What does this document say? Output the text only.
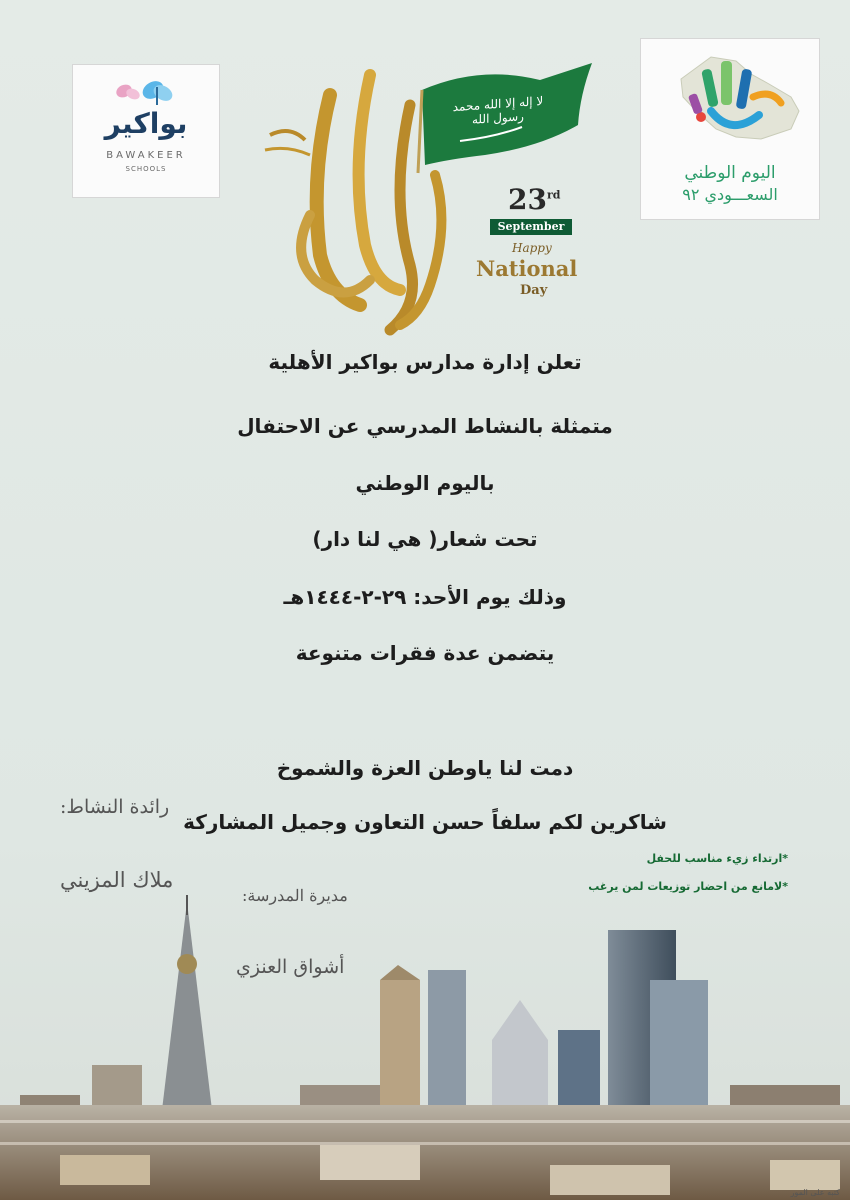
بواكير
BAWAKEER
SCHOOLS	اليوم الوطني
السعـــودي ٩٢
لا إله إلا الله محمد رسول الله
23rd
September
Happy
National
Day
تعلن إدارة مدارس بواكير الأهلية
متمثلة بالنشاط المدرسي عن الاحتفال
باليوم الوطني
تحت شعار( هي لنا دار)
وذلك يوم الأحد: ٢٩-٢-١٤٤٤هـ
يتضمن عدة فقرات متنوعة
دمت لنا ياوطن العزة والشموخ
شاكرين لكم سلفاً حسن التعاون وجميل المشاركة
رائدة النشاط:
ملاك المزيني
مديرة المدرسة:
أشواق العنزي
*ارتداء زيء مناسب للحفل
*لامانع من احضار توزيعات لمن يرغب
كتبه على المور
